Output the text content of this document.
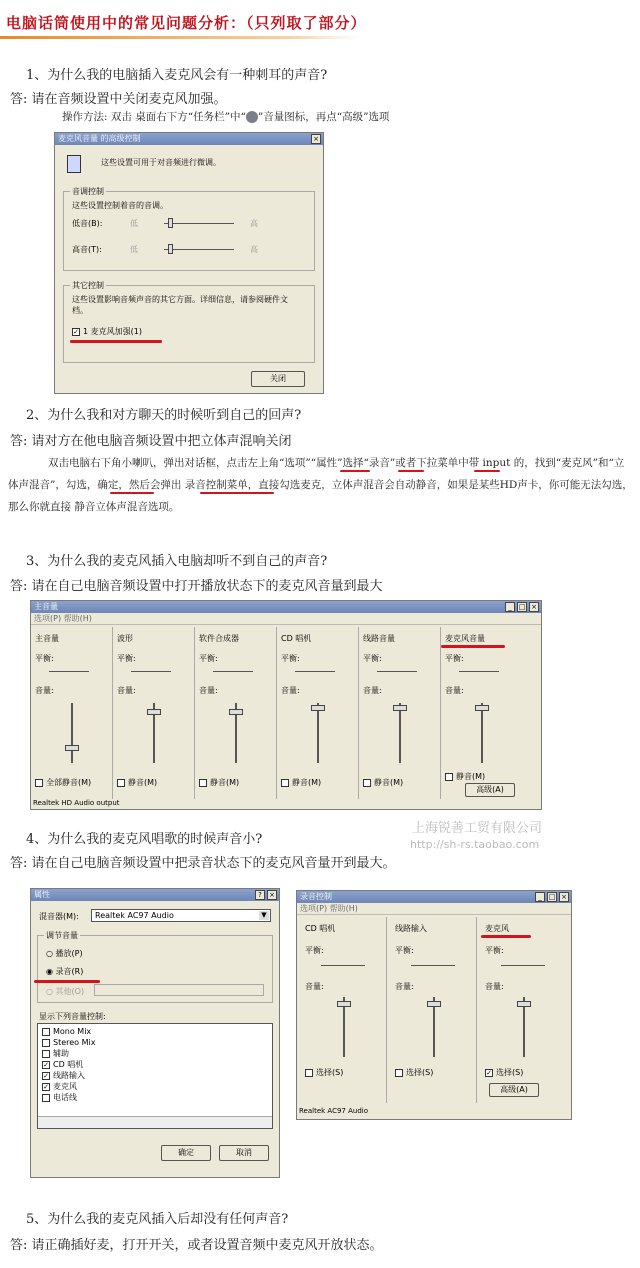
电脑话筒使用中的常见问题分析：（只列取了部分）
1、为什么我的电脑插入麦克风会有一种刺耳的声音?
答: 请在音频设置中关闭麦克风加强。
操作方法: 双击 桌面右下方“任务栏”中“ ”音量图标，再点“高级”选项
麦克风音量 的高级控制	×
这些设置可用于对音频进行微调。
音调控制
这些设置控制着音的音调。
低音(B):	低	高
高音(T):	低	高
其它控制
这些设置影响音频声音的其它方面。详细信息，请参阅硬件文档。
✓ 1 麦克风加强(1)
关闭
2、为什么我和对方聊天的时候听到自己的回声?
答: 请对方在他电脑音频设置中把立体声混响关闭
双击电脑右下角小喇叭，弹出对话框，点击左上角“选项”“属性”选择“录音”或者下拉菜单中带 input 的，找到“麦克风”和“立体声混音”，勾选，确定，然后会弹出 录音控制菜单，直接勾选麦克，立体声混音会自动静音，如果是某些HD声卡，你可能无法勾选，那么你就直接 静音立体声混音选项。
3、为什么我的麦克风插入电脑却听不到自己的声音?
答: 请在自己电脑音频设置中打开播放状态下的麦克风音量到最大
主音量	_ □ ×
选项(P) 帮助(H)
主音量	波形	软件合成器	CD 唱机	线路音量	麦克风音量
平衡:	平衡:	平衡:	平衡:	平衡:	平衡:
音量:	音量:	音量:	音量:	音量:	音量:
全部静音(M)	静音(M)	静音(M)	静音(M)	静音(M)
静音(M)
高级(A)
Realtek HD Audio output
上海锐善工贸有限公司
http://sh-rs.taobao.com
4、为什么我的麦克风唱歌的时候声音小?
答: 请在自己电脑音频设置中把录音状态下的麦克风音量开到最大。
属性	?	×
混音器(M):	Realtek AC97 Audio	▼
调节音量
○ 播放(P)
◉ 录音(R)
○ 其他(O)
显示下列音量控制:
Mono Mix
Stereo Mix
辅助
✓ CD 唱机
✓ 线路输入
✓ 麦克风
电话线
确定	取消
录音控制	_ □ ×
选项(P) 帮助(H)
CD 唱机	线路输入	麦克风
平衡:	平衡:	平衡:
音量:	音量:	音量:
选择(S)	选择(S)	✓ 选择(S)
高级(A)
Realtek AC97 Audio
5、为什么我的麦克风插入后却没有任何声音?
答: 请正确插好麦，打开开关，或者设置音频中麦克风开放状态。
